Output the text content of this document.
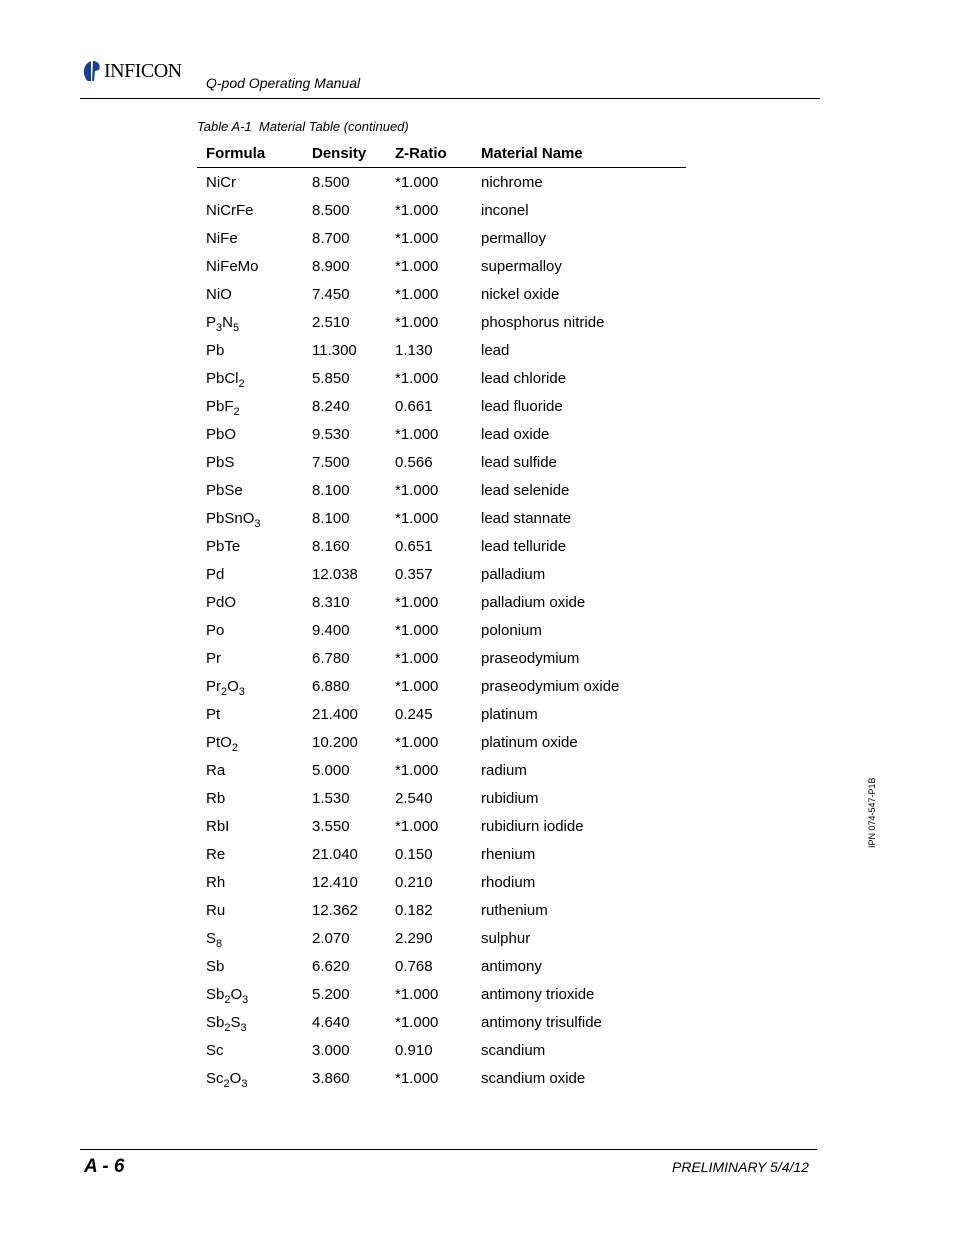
INFICON
Q-pod Operating Manual
Table A-1  Material Table (continued)
Formula	Density	Z-Ratio	Material Name
NiCr	8.500	*1.000	nichrome
NiCrFe	8.500	*1.000	inconel
NiFe	8.700	*1.000	permalloy
NiFeMo	8.900	*1.000	supermalloy
NiO	7.450	*1.000	nickel oxide
$P_3N_5$	2.510	*1.000	phosphorus nitride
Pb	11.300	1.130	lead
PbCl$_2$	5.850	*1.000	lead chloride
PbF$_2$	8.240	0.661	lead fluoride
PbO	9.530	*1.000	lead oxide
PbS	7.500	0.566	lead sulfide
PbSe	8.100	*1.000	lead selenide
PbSnO$_3$	8.100	*1.000	lead stannate
PbTe	8.160	0.651	lead telluride
Pd	12.038	0.357	palladium
PdO	8.310	*1.000	palladium oxide
Po	9.400	*1.000	polonium
Pr	6.780	*1.000	praseodymium
$Pr_2O_3$	6.880	*1.000	praseodymium oxide
Pt	21.400	0.245	platinum
PtO$_2$	10.200	*1.000	platinum oxide
Ra	5.000	*1.000	radium
Rb	1.530	2.540	rubidium
RbI	3.550	*1.000	rubidiurn iodide
Re	21.040	0.150	rhenium
Rh	12.410	0.210	rhodium
Ru	12.362	0.182	ruthenium
$S_8$	2.070	2.290	sulphur
Sb	6.620	0.768	antimony
$Sb_2O_3$	5.200	*1.000	antimony trioxide
$Sb_2S_3$	4.640	*1.000	antimony trisulfide
Sc	3.000	0.910	scandium
$Sc_2O_3$	3.860	*1.000	scandium oxide
IPN 074-547-P1B
A - 6	PRELIMINARY 5/4/12
